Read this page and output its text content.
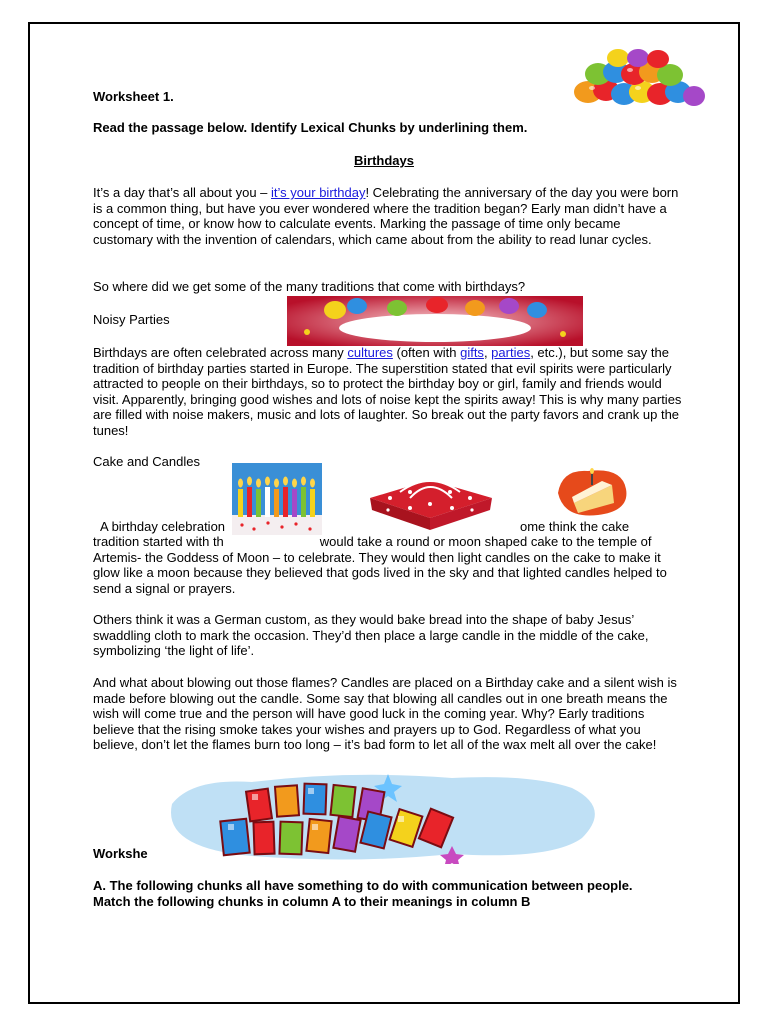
Worksheet 1.

Read the passage below. Identify Lexical Chunks by underlining them.

Birthdays

It’s a day that’s all about you – it’s your birthday! Celebrating the anniversary of the day you were born is a common thing, but have you ever wondered where the tradition began? Early man didn’t have a concept of time, or know how to calculate events. Marking the passage of time only became customary with the invention of calendars, which came about from the ability to read lunar cycles.

So where did we get some of the many traditions that come with birthdays?

Noisy Parties

Birthdays are often celebrated across many cultures (often with gifts, parties, etc.), but some say the tradition of birthday parties started in Europe. The superstition stated that evil spirits were particularly attracted to people on their birthdays, so to protect the birthday boy or girl, family and friends would visit. Apparently, bringing good wishes and lots of noise kept the spirits away! This is why many parties are filled with noise makers, music and lots of laughter. So break out the party favors and crank up the tunes!

Cake and Candles

A birthday celebration	ome think the cake

tradition started with th	would take a round or moon shaped cake to the temple of Artemis- the Goddess of Moon – to celebrate. They would then light candles on the cake to make it glow like a moon because they believed that gods lived in the sky and that lighted candles helped to send a signal or prayers.

Others think it was a German custom, as they would bake bread into the shape of baby Jesus’ swaddling cloth to mark the occasion. They’d then place a large candle in the middle of the cake, symbolizing ‘the light of life’.

And what about blowing out those flames? Candles are placed on a Birthday cake and a silent wish is made before blowing out the candle. Some say that blowing all candles out in one breath means the wish will come true and the person will have good luck in the coming year. Why? Early traditions believe that the rising smoke takes your wishes and prayers up to God. Regardless of what you believe, don’t let the flames burn too long – it’s bad form to let all of the wax melt all over the cake!

Happy Birthday

Workshe

A. The following chunks all have something to do with communication between people. Match the following chunks in column A to their meanings in column B
